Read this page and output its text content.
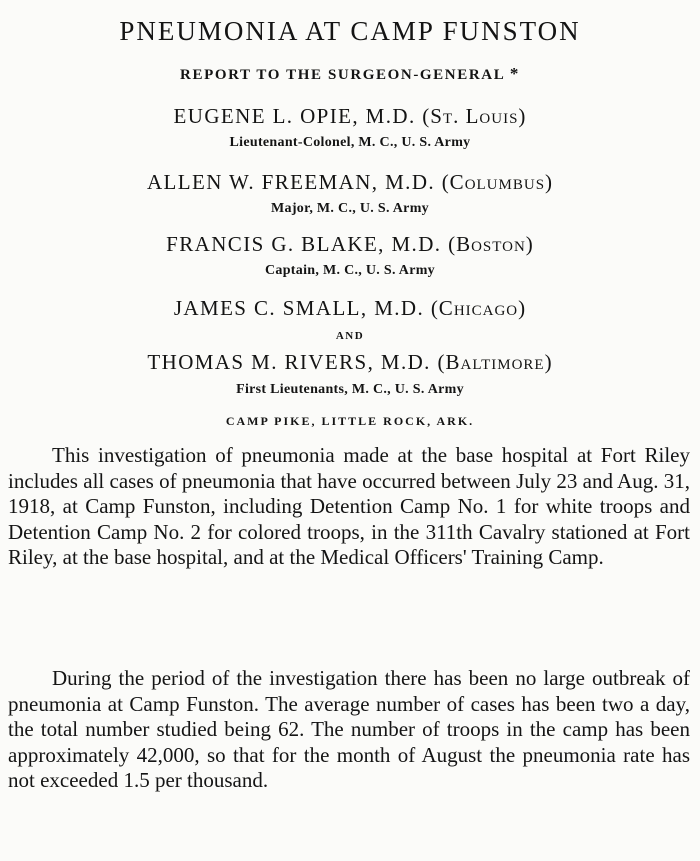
PNEUMONIA AT CAMP FUNSTON
REPORT TO THE SURGEON-GENERAL *
EUGENE L. OPIE, M.D. (St. Louis)
Lieutenant-Colonel, M. C., U. S. Army
ALLEN W. FREEMAN, M.D. (Columbus)
Major, M. C., U. S. Army
FRANCIS G. BLAKE, M.D. (Boston)
Captain, M. C., U. S. Army
JAMES C. SMALL, M.D. (Chicago)
AND
THOMAS M. RIVERS, M.D. (Baltimore)
First Lieutenants, M. C., U. S. Army
CAMP PIKE, LITTLE ROCK, ARK.

This investigation of pneumonia made at the base hospital at Fort Riley includes all cases of pneumonia that have occurred between July 23 and Aug. 31, 1918, at Camp Funston, including Detention Camp No. 1 for white troops and Detention Camp No. 2 for colored troops, in the 311th Cavalry stationed at Fort Riley, at the base hospital, and at the Medical Officers' Training Camp.

During the period of the investigation there has been no large outbreak of pneumonia at Camp Funston. The average number of cases has been two a day, the total number studied being 62. The number of troops in the camp has been approximately 42,000, so that for the month of August the pneumonia rate has not exceeded 1.5 per thousand.
